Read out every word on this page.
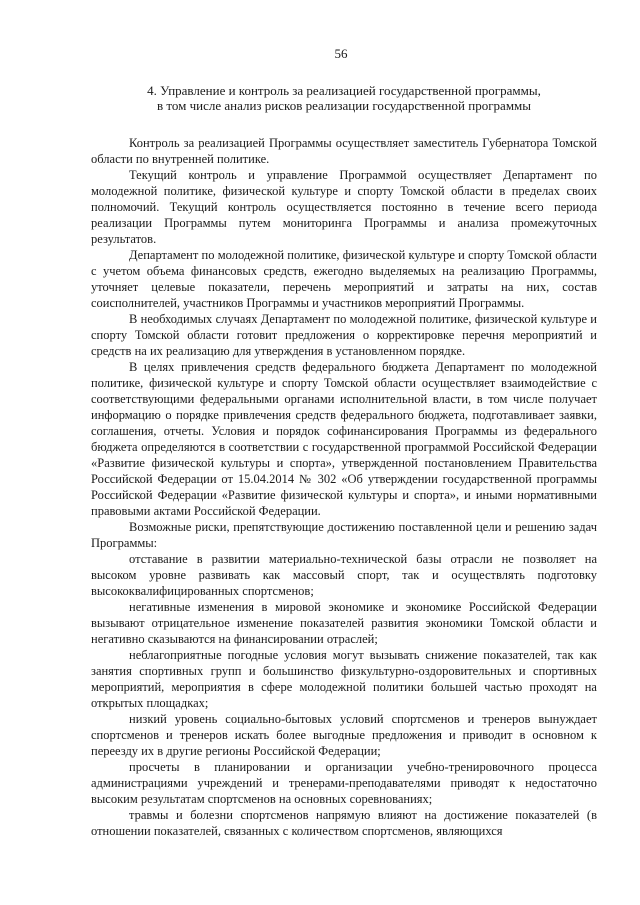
56
4. Управление и контроль за реализацией государственной программы,
в том числе анализ рисков реализации государственной программы

Контроль за реализацией Программы осуществляет заместитель Губернатора Томской области по внутренней политике.

Текущий контроль и управление Программой осуществляет Департамент по молодежной политике, физической культуре и спорту Томской области в пределах своих полномочий. Текущий контроль осуществляется постоянно в течение всего периода реализации Программы путем мониторинга Программы и анализа промежуточных результатов.

Департамент по молодежной политике, физической культуре и спорту Томской области с учетом объема финансовых средств, ежегодно выделяемых на реализацию Программы, уточняет целевые показатели, перечень мероприятий и затраты на них, состав соисполнителей, участников Программы и участников мероприятий Программы.

В необходимых случаях Департамент по молодежной политике, физической культуре и спорту Томской области готовит предложения о корректировке перечня мероприятий и средств на их реализацию для утверждения в установленном порядке.

В целях привлечения средств федерального бюджета Департамент по молодежной политике, физической культуре и спорту Томской области осуществляет взаимодействие с соответствующими федеральными органами исполнительной власти, в том числе получает информацию о порядке привлечения средств федерального бюджета, подготавливает заявки, соглашения, отчеты. Условия и порядок софинансирования Программы из федерального бюджета определяются в соответствии с государственной программой Российской Федерации «Развитие физической культуры и спорта», утвержденной постановлением Правительства Российской Федерации от 15.04.2014 № 302 «Об утверждении государственной программы Российской Федерации «Развитие физической культуры и спорта», и иными нормативными правовыми актами Российской Федерации.

Возможные риски, препятствующие достижению поставленной цели и решению задач Программы:

отставание в развитии материально-технической базы отрасли не позволяет на высоком уровне развивать как массовый спорт, так и осуществлять подготовку высококвалифицированных спортсменов;

негативные изменения в мировой экономике и экономике Российской Федерации вызывают отрицательное изменение показателей развития экономики Томской области и негативно сказываются на финансировании отраслей;

неблагоприятные погодные условия могут вызывать снижение показателей, так как занятия спортивных групп и большинство физкультурно-оздоровительных и спортивных мероприятий, мероприятия в сфере молодежной политики большей частью проходят на открытых площадках;

низкий уровень социально-бытовых условий спортсменов и тренеров вынуждает спортсменов и тренеров искать более выгодные предложения и приводит в основном к переезду их в другие регионы Российской Федерации;

просчеты в планировании и организации учебно-тренировочного процесса администрациями учреждений и тренерами-преподавателями приводят к недостаточно высоким результатам спортсменов на основных соревнованиях;

травмы и болезни спортсменов напрямую влияют на достижение показателей (в отношении показателей, связанных с количеством спортсменов, являющихся
